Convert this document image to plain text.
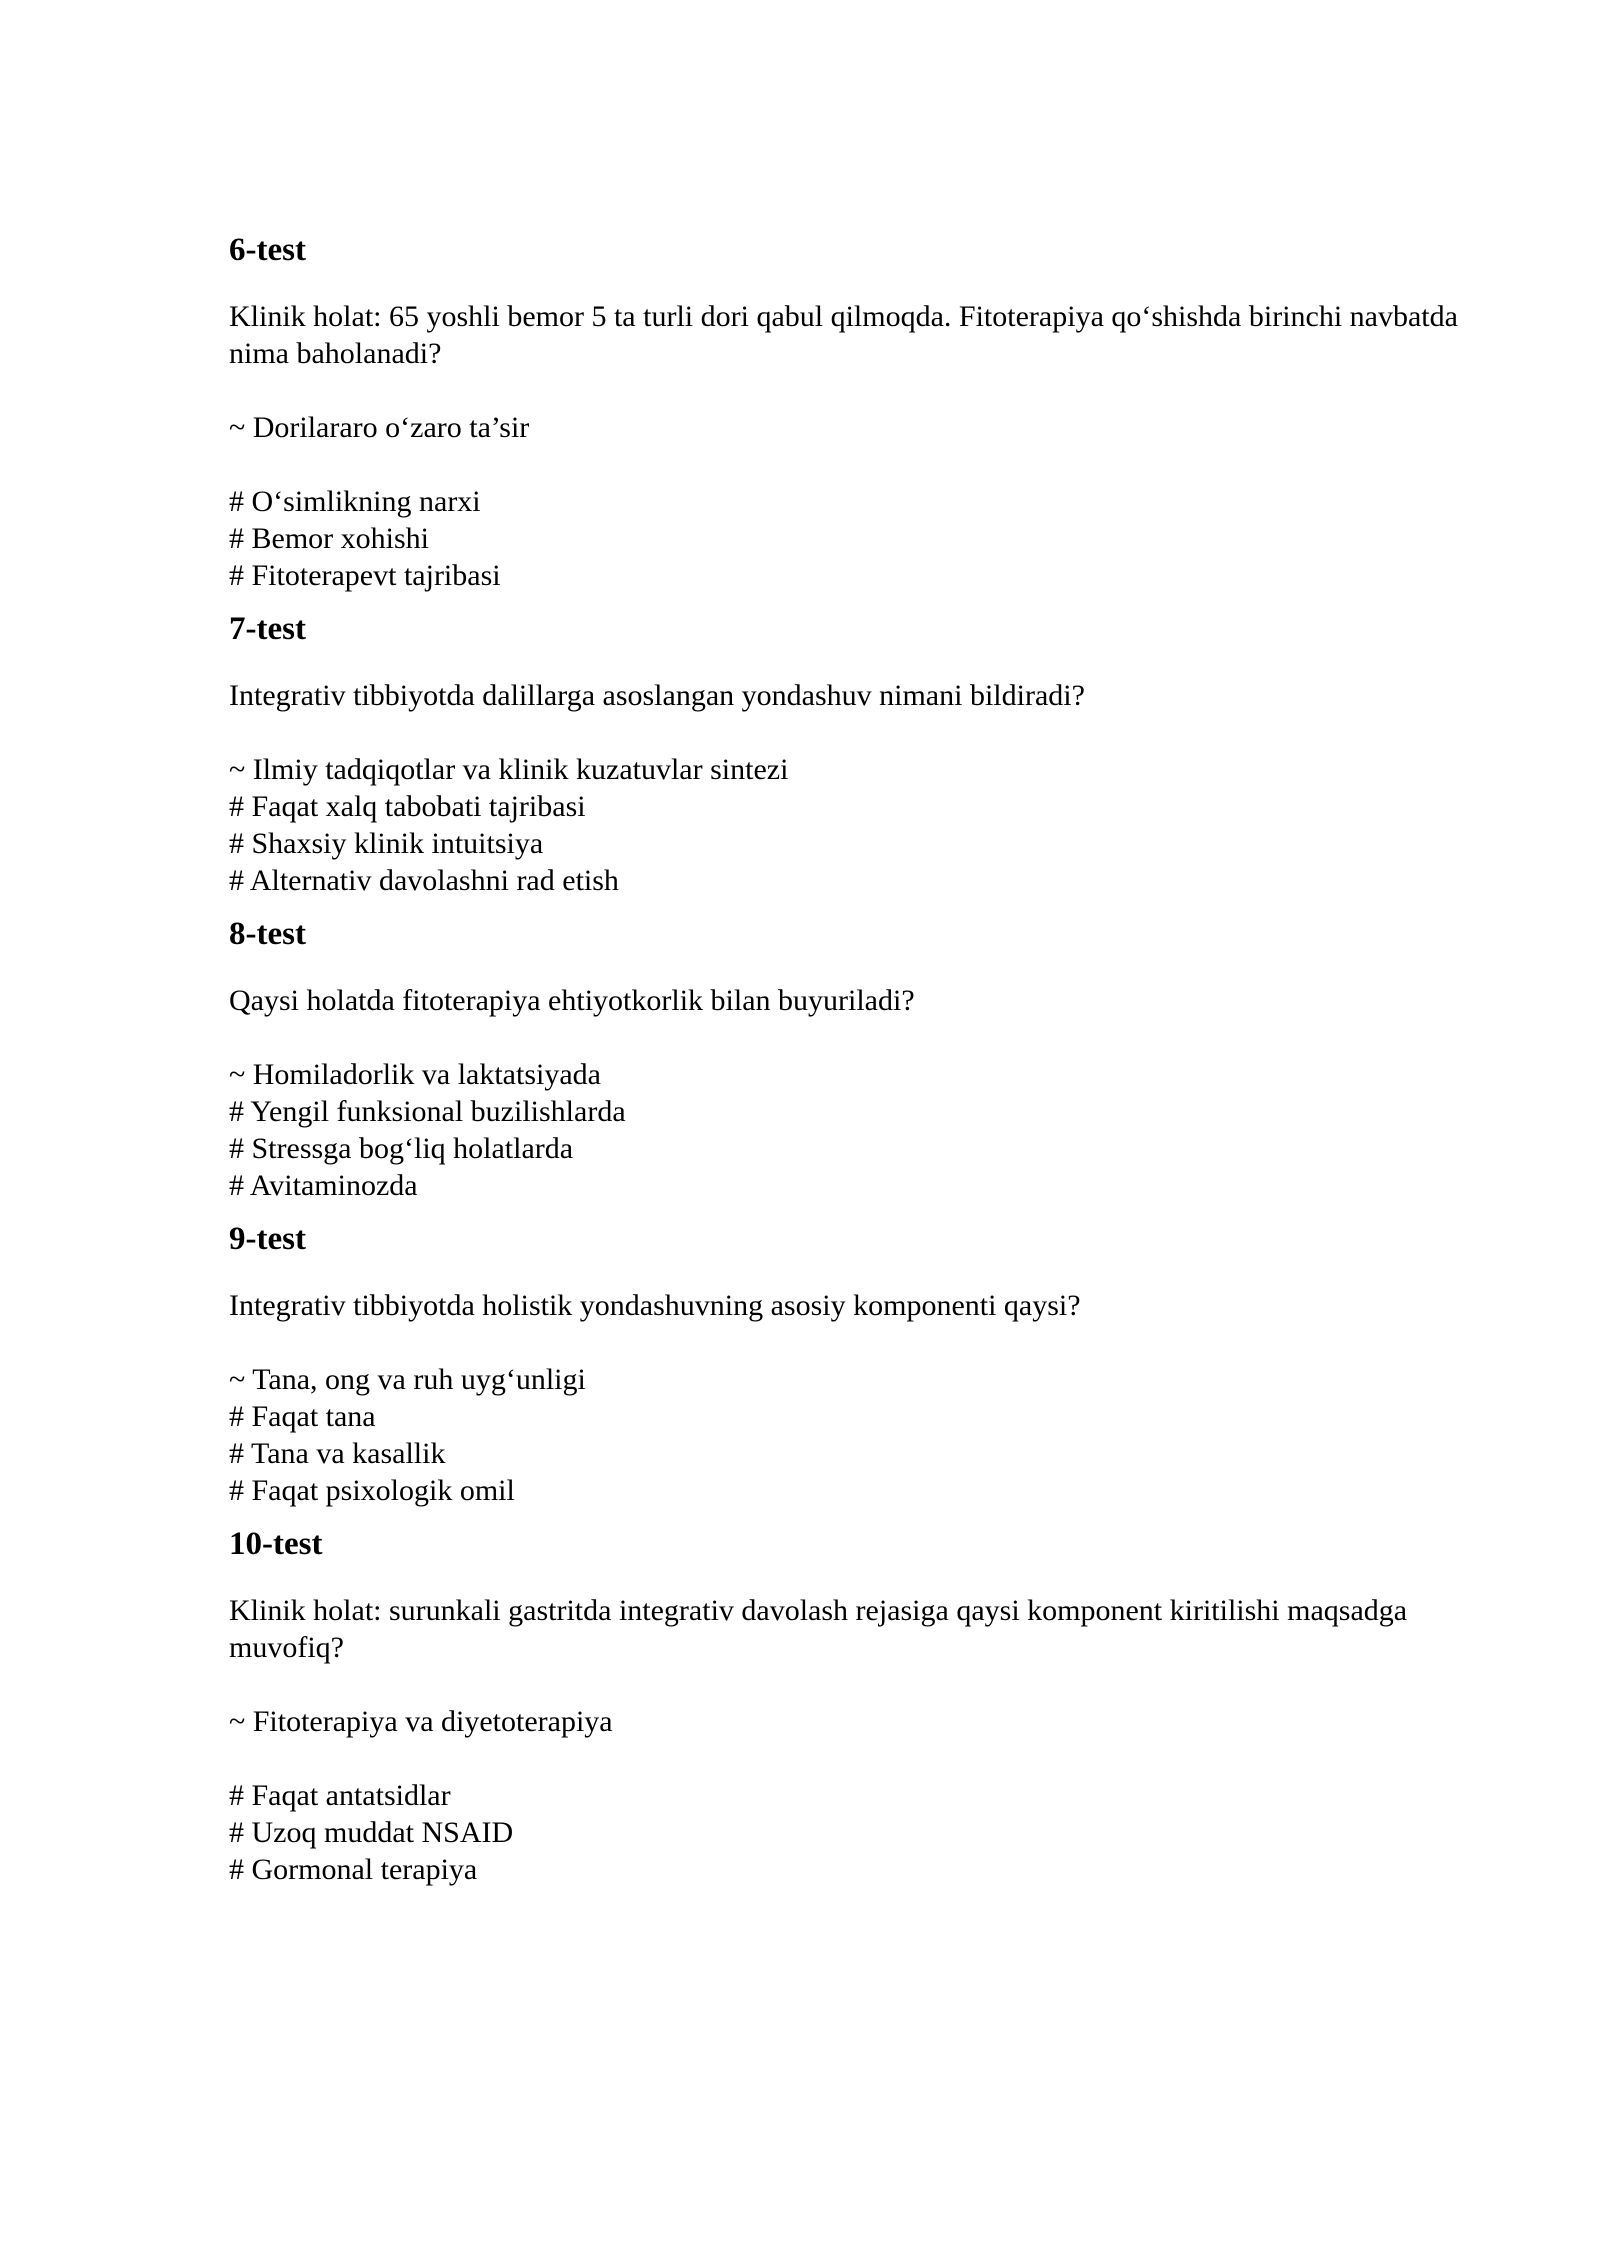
6-test
Klinik holat: 65 yoshli bemor 5 ta turli dori qabul qilmoqda. Fitoterapiya qo‘shishda birinchi navbatda nima baholanadi?
~ Dorilararo o‘zaro ta’sir
# O‘simlikning narxi
# Bemor xohishi
# Fitoterapevt tajribasi
7-test
Integrativ tibbiyotda dalillarga asoslangan yondashuv nimani bildiradi?
~ Ilmiy tadqiqotlar va klinik kuzatuvlar sintezi
# Faqat xalq tabobati tajribasi
# Shaxsiy klinik intuitsiya
# Alternativ davolashni rad etish
8-test
Qaysi holatda fitoterapiya ehtiyotkorlik bilan buyuriladi?
~ Homiladorlik va laktatsiyada
# Yengil funksional buzilishlarda
# Stressga bog‘liq holatlarda
# Avitaminozda
9-test
Integrativ tibbiyotda holistik yondashuvning asosiy komponenti qaysi?
~ Tana, ong va ruh uyg‘unligi
# Faqat tana
# Tana va kasallik
# Faqat psixologik omil
10-test
Klinik holat: surunkali gastritda integrativ davolash rejasiga qaysi komponent kiritilishi maqsadga muvofiq?
~ Fitoterapiya va diyetoterapiya
# Faqat antatsidlar
# Uzoq muddat NSAID
# Gormonal terapiya
